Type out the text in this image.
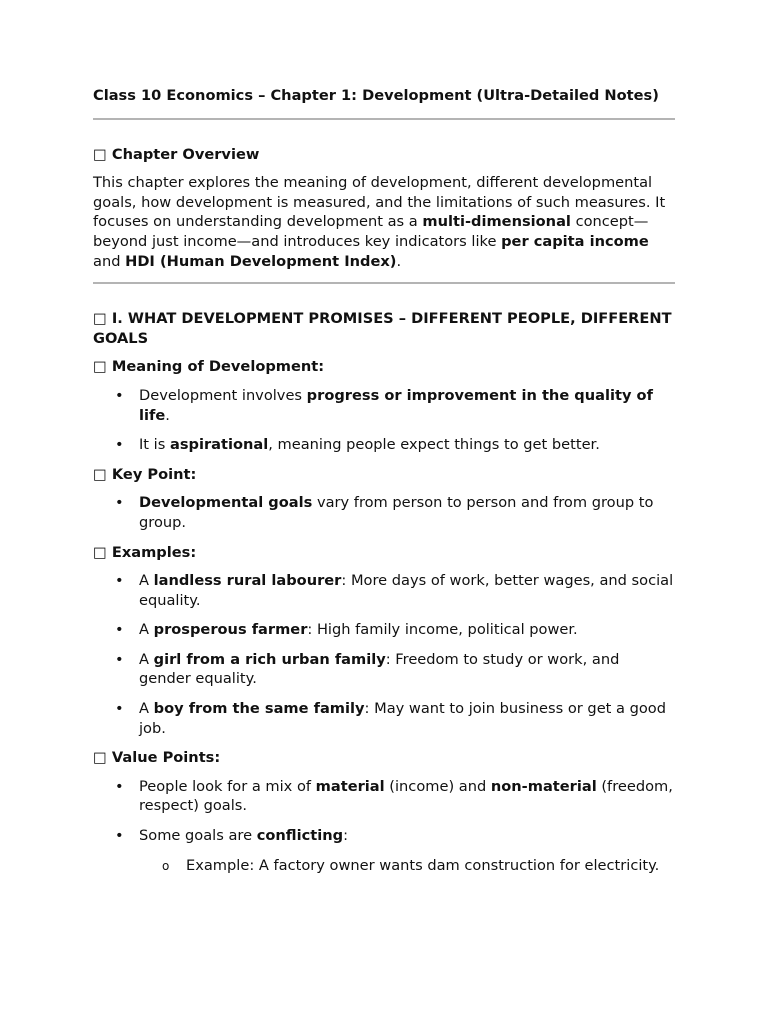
Class 10 Economics – Chapter 1: Development (Ultra-Detailed Notes)

□ Chapter Overview

This chapter explores the meaning of development, different developmental goals, how development is measured, and the limitations of such measures. It focuses on understanding development as a multi-dimensional concept—beyond just income—and introduces key indicators like per capita income and HDI (Human Development Index).

□ I. WHAT DEVELOPMENT PROMISES – DIFFERENT PEOPLE, DIFFERENT GOALS

□ Meaning of Development:

• Development involves progress or improvement in the quality of life.
• It is aspirational, meaning people expect things to get better.

□ Key Point:

• Developmental goals vary from person to person and from group to group.

□ Examples:

• A landless rural labourer: More days of work, better wages, and social equality.
• A prosperous farmer: High family income, political power.
• A girl from a rich urban family: Freedom to study or work, and gender equality.
• A boy from the same family: May want to join business or get a good job.

□ Value Points:

• People look for a mix of material (income) and non-material (freedom, respect) goals.
• Some goals are conflicting:
o Example: A factory owner wants dam construction for electricity.
